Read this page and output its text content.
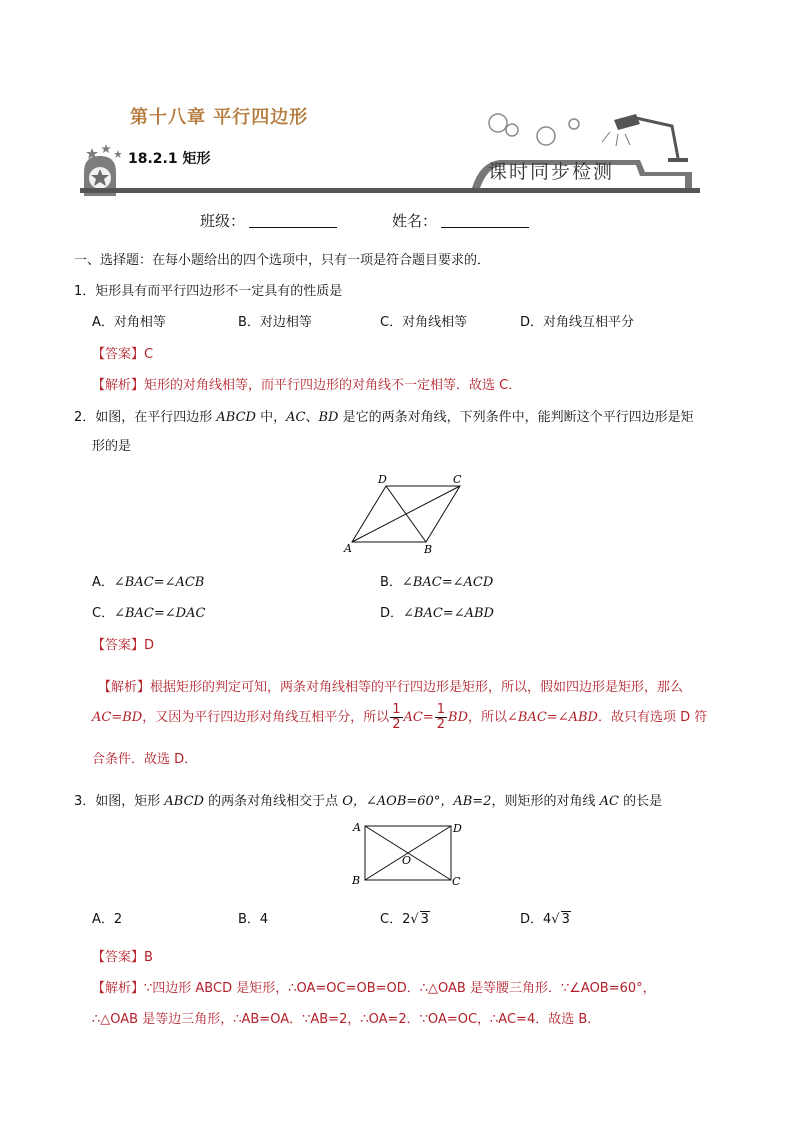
第十八章 平行四边形
18.2.1 矩形
课时同步检测
班级：	姓名：
一、选择题：在每小题给出的四个选项中，只有一项是符合题目要求的．
1．矩形具有而平行四边形不一定具有的性质是
A．对角相等	B．对边相等	C．对角线相等	D．对角线互相平分
【答案】C
【解析】矩形的对角线相等，而平行四边形的对角线不一定相等．故选 C．
2．如图，在平行四边形 ABCD 中，AC、BD 是它的两条对角线，下列条件中，能判断这个平行四边形是矩
形的是
D	C
A	B
A．∠BAC=∠ACB	B．∠BAC=∠ACD
C．∠BAC=∠DAC	D．∠BAC=∠ABD
【答案】D
【解析】根据矩形的判定可知，两条对角线相等的平行四边形是矩形，所以，假如四边形是矩形，那么
AC=BD，又因为平行四边形对角线互相平分，所以 $\frac{1}{2} AC= \frac{1}{2}$ BD，所以∠BAC=∠ABD．故只有选项 D 符
合条件．故选 D．
3．如图，矩形 ABCD 的两条对角线相交于点 O，∠AOB=60°，AB=2，则矩形的对角线 AC 的长是
A	D
O
B	C
A．2	B．4	C．2√ 3	D．4√ 3
【答案】B
【解析】∵四边形 ABCD 是矩形，∴OA=OC=OB=OD．∴△OAB 是等腰三角形．∵∠AOB=60°，
∴△OAB 是等边三角形，∴AB=OA．∵AB=2，∴OA=2．∵OA=OC，∴AC=4．故选 B．
